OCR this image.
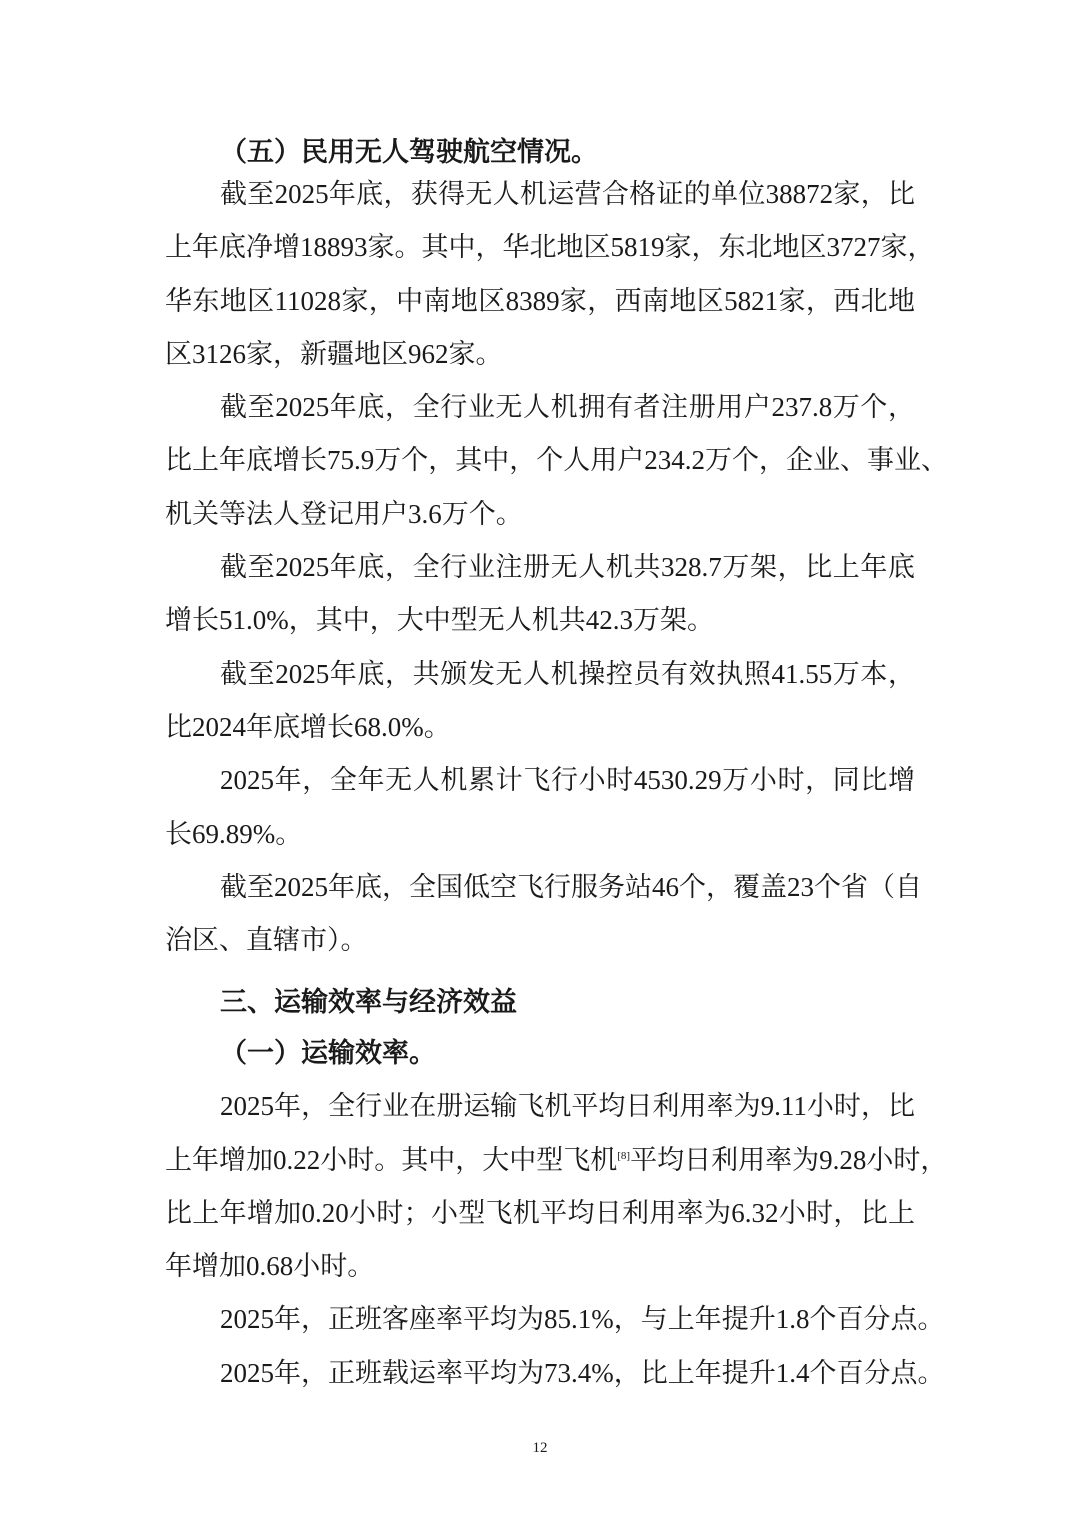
（五）民用无人驾驶航空情况。
截至2025年底，获得无人机运营合格证的单位38872家，比
上年底净增18893家。其中，华北地区5819家，东北地区3727家，
华东地区11028家，中南地区8389家，西南地区5821家，西北地
区3126家，新疆地区962家。
截至2025年底，全行业无人机拥有者注册用户237.8万个，
比上年底增长75.9万个，其中，个人用户234.2万个，企业、事业、
机关等法人登记用户3.6万个。
截至2025年底，全行业注册无人机共328.7万架，比上年底
增长51.0%，其中，大中型无人机共42.3万架。
截至2025年底，共颁发无人机操控员有效执照41.55万本，
比2024年底增长68.0%。
2025年，全年无人机累计飞行小时4530.29万小时，同比增
长69.89%。
截至2025年底，全国低空飞行服务站46个，覆盖23个省（自
治区、直辖市）。
三、运输效率与经济效益
（一）运输效率。
2025年，全行业在册运输飞机平均日利用率为9.11小时，比
上年增加0.22小时。其中，大中型飞机[8]平均日利用率为9.28小时，
比上年增加0.20小时；小型飞机平均日利用率为6.32小时，比上
年增加0.68小时。
2025年，正班客座率平均为85.1%，与上年提升1.8个百分点。
2025年，正班载运率平均为73.4%，比上年提升1.4个百分点。
12
